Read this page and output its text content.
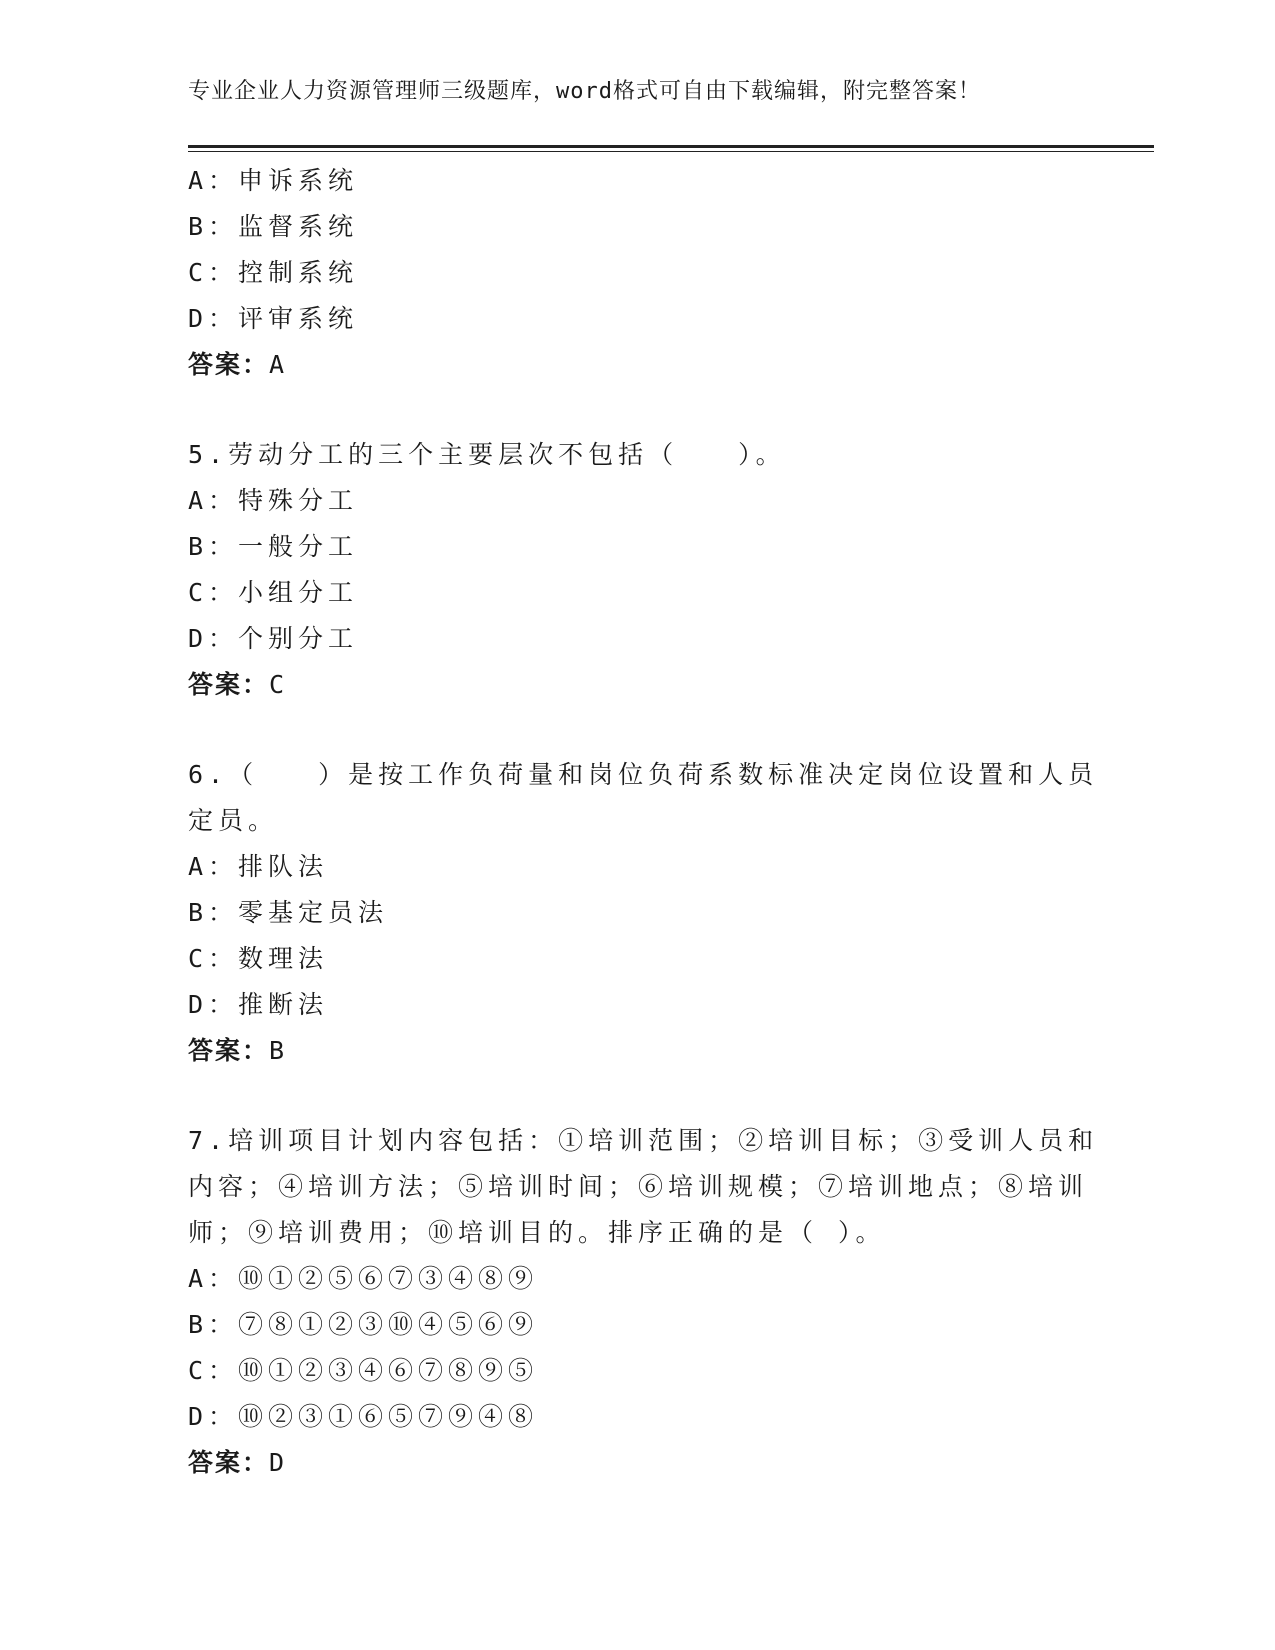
专业企业人力资源管理师三级题库，word格式可自由下载编辑，附完整答案！
A：申诉系统
B：监督系统
C：控制系统
D：评审系统
答案：A
5.劳动分工的三个主要层次不包括（　　）。
A：特殊分工
B：一般分工
C：小组分工
D：个别分工
答案：C
6.（　　）是按工作负荷量和岗位负荷系数标准决定岗位设置和人员
定员。
A：排队法
B：零基定员法
C：数理法
D：推断法
答案：B
7.培训项目计划内容包括：①培训范围；②培训目标；③受训人员和
内容；④培训方法；⑤培训时间；⑥培训规模；⑦培训地点；⑧培训
师；⑨培训费用；⑩培训目的。排序正确的是（ ）。
A：⑩①②⑤⑥⑦③④⑧⑨
B：⑦⑧①②③⑩④⑤⑥⑨
C：⑩①②③④⑥⑦⑧⑨⑤
D：⑩②③①⑥⑤⑦⑨④⑧
答案：D
